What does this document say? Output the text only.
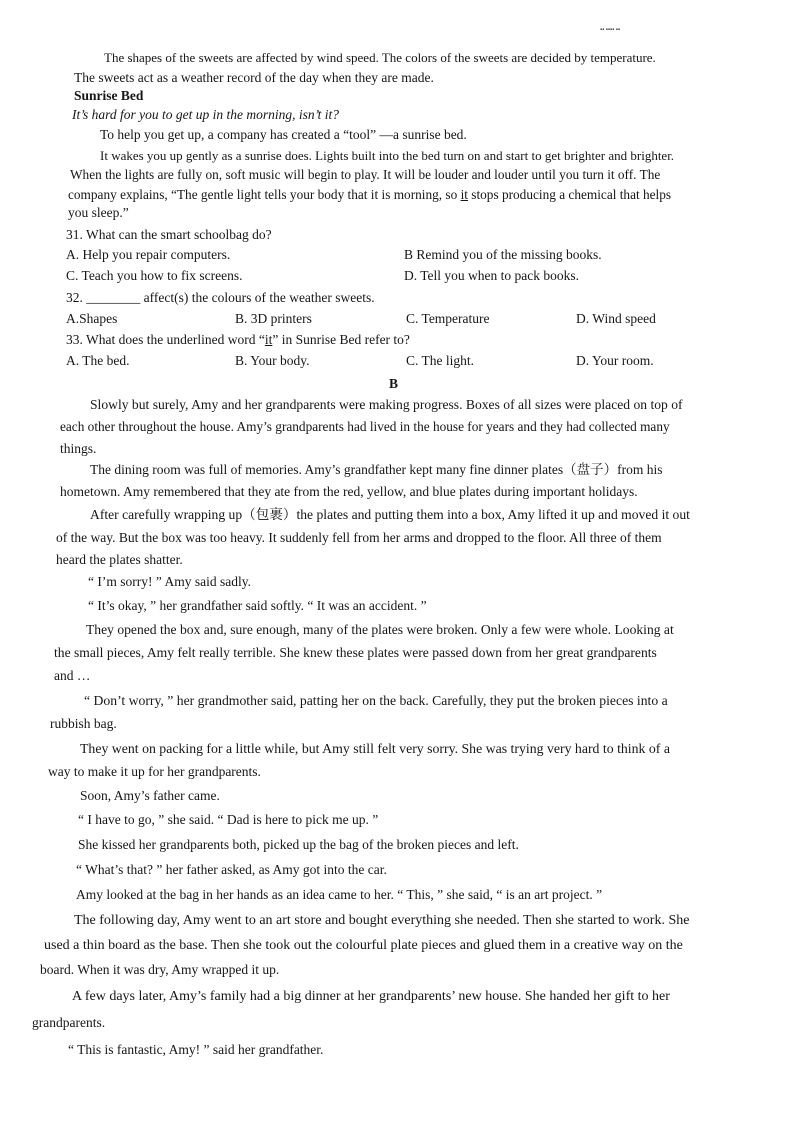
▪▪ ▪▪▪▪ ▪▪
The shapes of the sweets are affected by wind speed. The colors of the sweets are decided by temperature.
The sweets act as a weather record of the day when they are made.
Sunrise Bed
It’s hard for you to get up in the morning, isn’t it?
To help you get up, a company has created a “tool” —a sunrise bed.
It wakes you up gently as a sunrise does. Lights built into the bed turn on and start to get brighter and brighter.
When the lights are fully on, soft music will begin to play. It will be louder and louder until you turn it off. The
company explains, “The gentle light tells your body that it is morning, so it stops producing a chemical that helps
you sleep.”
31. What can the smart schoolbag do?
A. Help you repair computers.	B Remind you of the missing books.
C. Teach you how to fix screens.	D. Tell you when to pack books.
32. ________ affect(s) the colours of the weather sweets.
A.Shapes	B. 3D printers	C. Temperature	D. Wind speed
33. What does the underlined word “it” in Sunrise Bed refer to?
A. The bed.	B. Your body.	C. The light.	D. Your room.
B
Slowly but surely, Amy and her grandparents were making progress. Boxes of all sizes were placed on top of
each other throughout the house. Amy’s grandparents had lived in the house for years and they had collected many
things.
The dining room was full of memories. Amy’s grandfather kept many fine dinner plates（盘子）from his
hometown. Amy remembered that they ate from the red, yellow, and blue plates during important holidays.
After carefully wrapping up（包裹）the plates and putting them into a box, Amy lifted it up and moved it out
of the way. But the box was too heavy. It suddenly fell from her arms and dropped to the floor. All three of them
heard the plates shatter.
“ I’m sorry! ” Amy said sadly.
“ It’s okay, ” her grandfather said softly. “ It was an accident. ”
They opened the box and, sure enough, many of the plates were broken. Only a few were whole. Looking at
the small pieces, Amy felt really terrible. She knew these plates were passed down from her great grandparents
and …
“ Don’t worry, ” her grandmother said, patting her on the back. Carefully, they put the broken pieces into a
rubbish bag.
They went on packing for a little while, but Amy still felt very sorry. She was trying very hard to think of a
way to make it up for her grandparents.
Soon, Amy’s father came.
“ I have to go, ” she said. “ Dad is here to pick me up. ”
She kissed her grandparents both, picked up the bag of the broken pieces and left.
“ What’s that? ” her father asked, as Amy got into the car.
Amy looked at the bag in her hands as an idea came to her. “ This, ” she said, “ is an art project. ”
The following day, Amy went to an art store and bought everything she needed. Then she started to work. She
used a thin board as the base. Then she took out the colourful plate pieces and glued them in a creative way on the
board. When it was dry, Amy wrapped it up.
A few days later, Amy’s family had a big dinner at her grandparents’ new house. She handed her gift to her
grandparents.
“ This is fantastic, Amy! ” said her grandfather.
